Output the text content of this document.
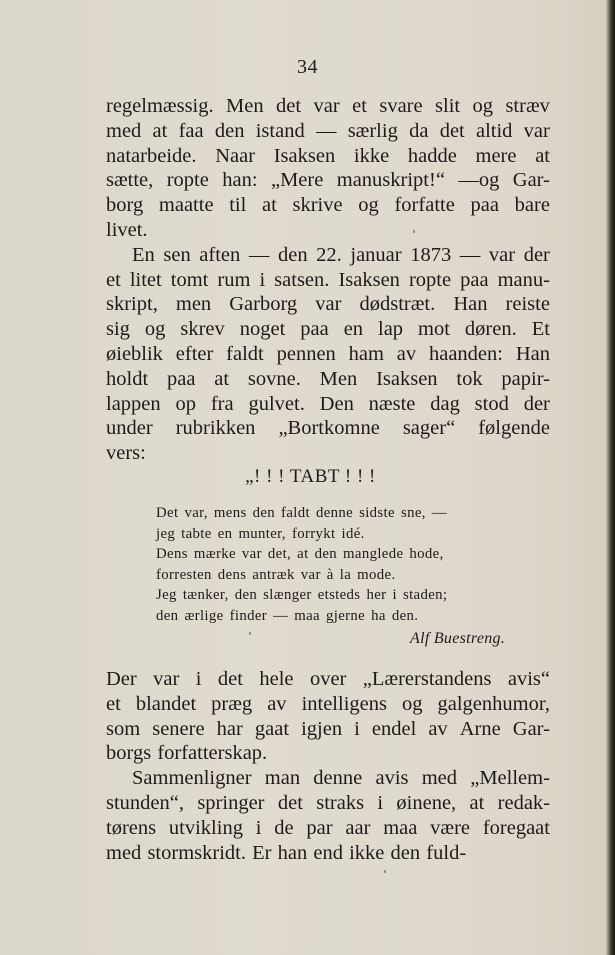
34
regelmæssig. Men det var et svare slit og stræv
med at faa den istand — særlig da det altid var
natarbeide. Naar Isaksen ikke hadde mere at
sætte, ropte han: „Mere manuskript!“ —og Gar-
borg maatte til at skrive og forfatte paa bare
livet.
En sen aften — den 22. januar 1873 — var der
et litet tomt rum i satsen. Isaksen ropte paa manu-
skript, men Garborg var dødstræt. Han reiste
sig og skrev noget paa en lap mot døren. Et
øieblik efter faldt pennen ham av haanden: Han
holdt paa at sovne. Men Isaksen tok papir-
lappen op fra gulvet. Den næste dag stod der
under rubrikken „Bortkomne sager“ følgende
vers:
„! ! ! TABT ! ! !
Det var, mens den faldt denne sidste sne, —
jeg tabte en munter, forrykt idé.
Dens mærke var det, at den manglede hode,
forresten dens antræk var à la mode.
Jeg tænker, den slænger etsteds her i staden;
den ærlige finder — maa gjerne ha den.
Alf Buestreng.
Der var i det hele over „Lærerstandens avis“
et blandet præg av intelligens og galgenhumor,
som senere har gaat igjen i endel av Arne Gar-
borgs forfatterskap.
Sammenligner man denne avis med „Mellem-
stunden“, springer det straks i øinene, at redak-
tørens utvikling i de par aar maa være foregaat
med stormskridt. Er han end ikke den fuld-
